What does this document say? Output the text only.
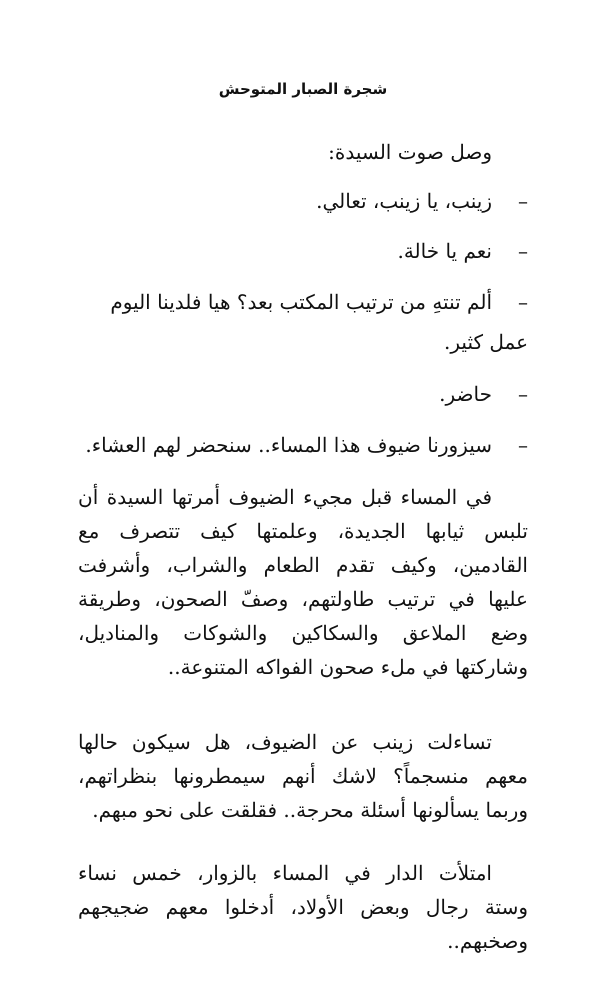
شجرة الصبار المتوحش
وصل صوت السيدة:
–
زينب، يا زينب، تعالي.
–
نعم يا خالة.
–
ألم تنتهِ من ترتيب المكتب بعد؟ هيا فلدينا اليوم
عمل كثير.
–
حاضر.
–
سيزورنا ضيوف هذا المساء.. سنحضر لهم العشاء.
في المساء قبل مجيء الضيوف أمرتها السيدة أن
تلبس ثيابها الجديدة، وعلمتها كيف تتصرف مع
القادمين، وكيف تقدم الطعام والشراب، وأشرفت
عليها في ترتيب طاولتهم، وصفّ الصحون، وطريقة
وضع الملاعق والسكاكين والشوكات والمناديل،
وشاركتها في ملء صحون الفواكه المتنوعة..
تساءلت زينب عن الضيوف، هل سيكون حالها
معهم منسجماً؟ لاشك أنهم سيمطرونها بنظراتهم،
وربما يسألونها أسئلة محرجة.. فقلقت على نحو مبهم.
امتلأت الدار في المساء بالزوار، خمس نساء
وستة رجال وبعض الأولاد، أدخلوا معهم ضجيجهم
وصخبهم..
